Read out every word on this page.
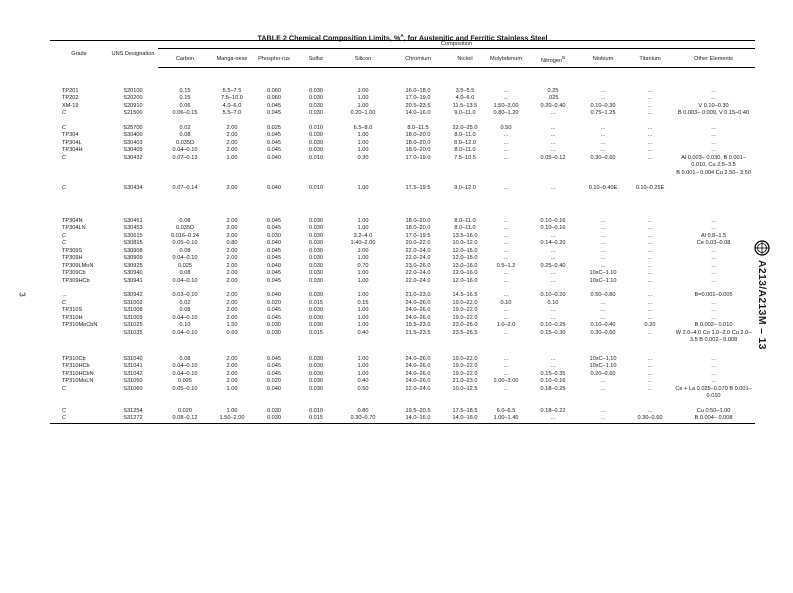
3	A213/A213M – 13
TABLE 2 Chemical Composition Limits, %$^A$, for Austenitic and Ferritic Stainless Steel
Grade	UNS Designation	Composition											
		Carbon	Manga-nese	Phospho-rus	Sulfur	Silicon	Chromium	Nickel	Molybdenum	Nitrogen$^B$	Niobium	Titanium	Other Elements

TP201	S20100	0.15	5.5–7.5	0.060	0.030	1.00	16.0–18.0	3.5–5.5	...	0.25	...	...	...
TP202	S20200	0.15	7.5–10.0	0.060	0.030	1.00	17.0–19.0	4.0–6.0	...	.025	...	...	...
XM-19	S20910	0.06	4.0–6.0	0.045	0.030	1.00	20.5–23.5	11.5–13.5	1.50–3.00	0.20–0.40	0.10–0.30	...	V 0.10–0.30
C	S21500	0.06–0.15	5.5–7.0	0.045	0.030	0.20–1.00	14.0–16.0	9.0–11.0	0.80–1.20	...	0.75–1.25	...	B 0.003– 0.009, V 0.15–0.40

C	S25700	0.02	2.00	0.025	0.010	6.5–8.0	8.0–11.5	22.0–25.0	0.50	...	...	...	...
TP304	S30400	0.08	2.00	0.045	0.030	1.00	18.0–20.0	8.0–11.0	...	...	...	...	...
TP304L	S30403	0.035D	2.00	0.045	0.030	1.00	18.0–20.0	8.0–12.0	...	...	...	...	...
TP304H	S30409	0.04–0.10	2.00	0.045	0.030	1.00	18.0–20.0	8.0–11.0	...	...	...	...	...
C	S30432	0.07–0.13	1.00	0.040	0.010	0.30	17.0–19.0	7.5–10.5	...	0.05–0.12	0.30–0.60	...	Al 0.003– 0.030, B 0.001– 0.010, Cu 2.5–3.5
C	S30434	0.07–0.14	2.00	0.040	0.010	1.00	17.5–19.5	9.0–12.0	...	...	0.10–0.40E	0.10–0.25E	B 0.001– 0.004 Cu 2.50– 3.50

TP304N	S30451	0.08	2.00	0.045	0.030	1.00	18.0–20.0	8.0–11.0	...	0.10–0.16	...	...	...
TP304LN	S30453	0.035D	2.00	0.045	0.030	1.00	18.0–20.0	8.0–11.0	...	0.10–0.16	...	...	...
C	S30615	0.016–0.24	2.00	0.030	0.030	3.2–4.0	17.0–19.5	13.5–16.0	...	...	...	...	Al 0.8–1.5
C	S30815	0.05–0.10	0.80	0.040	0.030	1.40–2.00	20.0–22.0	10.0–12.0	...	0.14–0.20	...	...	Ce 0.03–0.08
TP309S	S30908	0.08	2.00	0.045	0.030	1.00	22.0–24.0	12.0–15.0	...	...	...	...	...
TP309H	S30909	0.04–0.10	2.00	0.045	0.030	1.00	22.0–24.0	12.0–15.0	...	...	...	...	...
TP309LMoN	S30925	0.025	2.00	0.040	0.030	0.70	23.0–26.0	13.0–16.0	0.5–1.2	0.25–0.40	...	...	...
TP309Cb	S30940	0.08	2.00	0.045	0.030	1.00	22.0–24.0	12.0–16.0	...	...	10xC–1.10	...	...
TP309HCb	S30941	0.04–0.10	2.00	0.045	0.030	1.00	22.0–24.0	12.0–16.0	...	...	10xC–1.10	...	...

...	S30942	0.03–0.10	2.00	0.040	0.030	1.00	21.0–23.0	14.5–16.5	...	0.10–0.20	0.50–0.80	...	B=0.001–0.005
C	S31002	0.02	2.00	0.020	0.015	0.15	24.0–26.0	19.0–22.0	0.10	0.10	...	...	...
TP310S	S31008	0.08	2.00	0.045	0.030	1.00	24.0–26.0	19.0–22.0	...	...	...	...	...
TP310H	S31009	0.04–0.10	2.00	0.045	0.030	1.00	24.0–26.0	19.0–22.0	...	...	...	...	...
TP310MoCbN	S31025	0.10	1.50	0.030	0.030	1.00	19.5–23.0	23.0–26.0	1.0–2.0	0.10–0.25	0.10–0.40	0.20	B 0.002– 0.010
	S31035	0.04–0.10	0.60	0.030	0.015	0.40	21.5–23.5	23.5–26.5	...	0.15–0.30	0.30–0.60	...	W 2.0–4.0 Co 1.0–2.0 Cu 2.0–3.5 B 0.002– 0.008

TP310Cb	S31040	0.08	2.00	0.045	0.030	1.00	24.0–26.0	19.0–22.0	...	...	10xC–1.10	...	...
TP310HCb	S31041	0.04–0.10	2.00	0.045	0.030	1.00	24.0–26.0	19.0–22.0	...	...	10xC–1.10	...	...
TP310HCbN	S31042	0.04–0.10	2.00	0.045	0.030	1.00	24.0–26.0	19.0–22.0	...	0.15–0.35	0.20–0.60	...	...
TP310MoLN	S31050	0.025	2.00	0.020	0.030	0.40	24.0–26.0	21.0–23.0	2.00–3.00	0.10–0.16	...	...	...
C	S31060	0.05–0.10	1.00	0.040	0.030	0.50	22.0–24.0	10.0–12.5	...	0.18–0.25	...	...	Ce + La 0.025–0.070 B 0.001–0.010

C	S31254	0.020	1.00	0.030	0.010	0.80	19.5–20.5	17.5–18.5	6.0–6.5	0.18–0.22	...	...	Cu 0.50–1.00
C	S31272	0.08–0.12	1.50–2.00	0.030	0.015	0.30–0.70	14.0–16.0	14.0–16.0	1.00–1.40	...	...	0.30–0.60	B 0.004– 0.008
